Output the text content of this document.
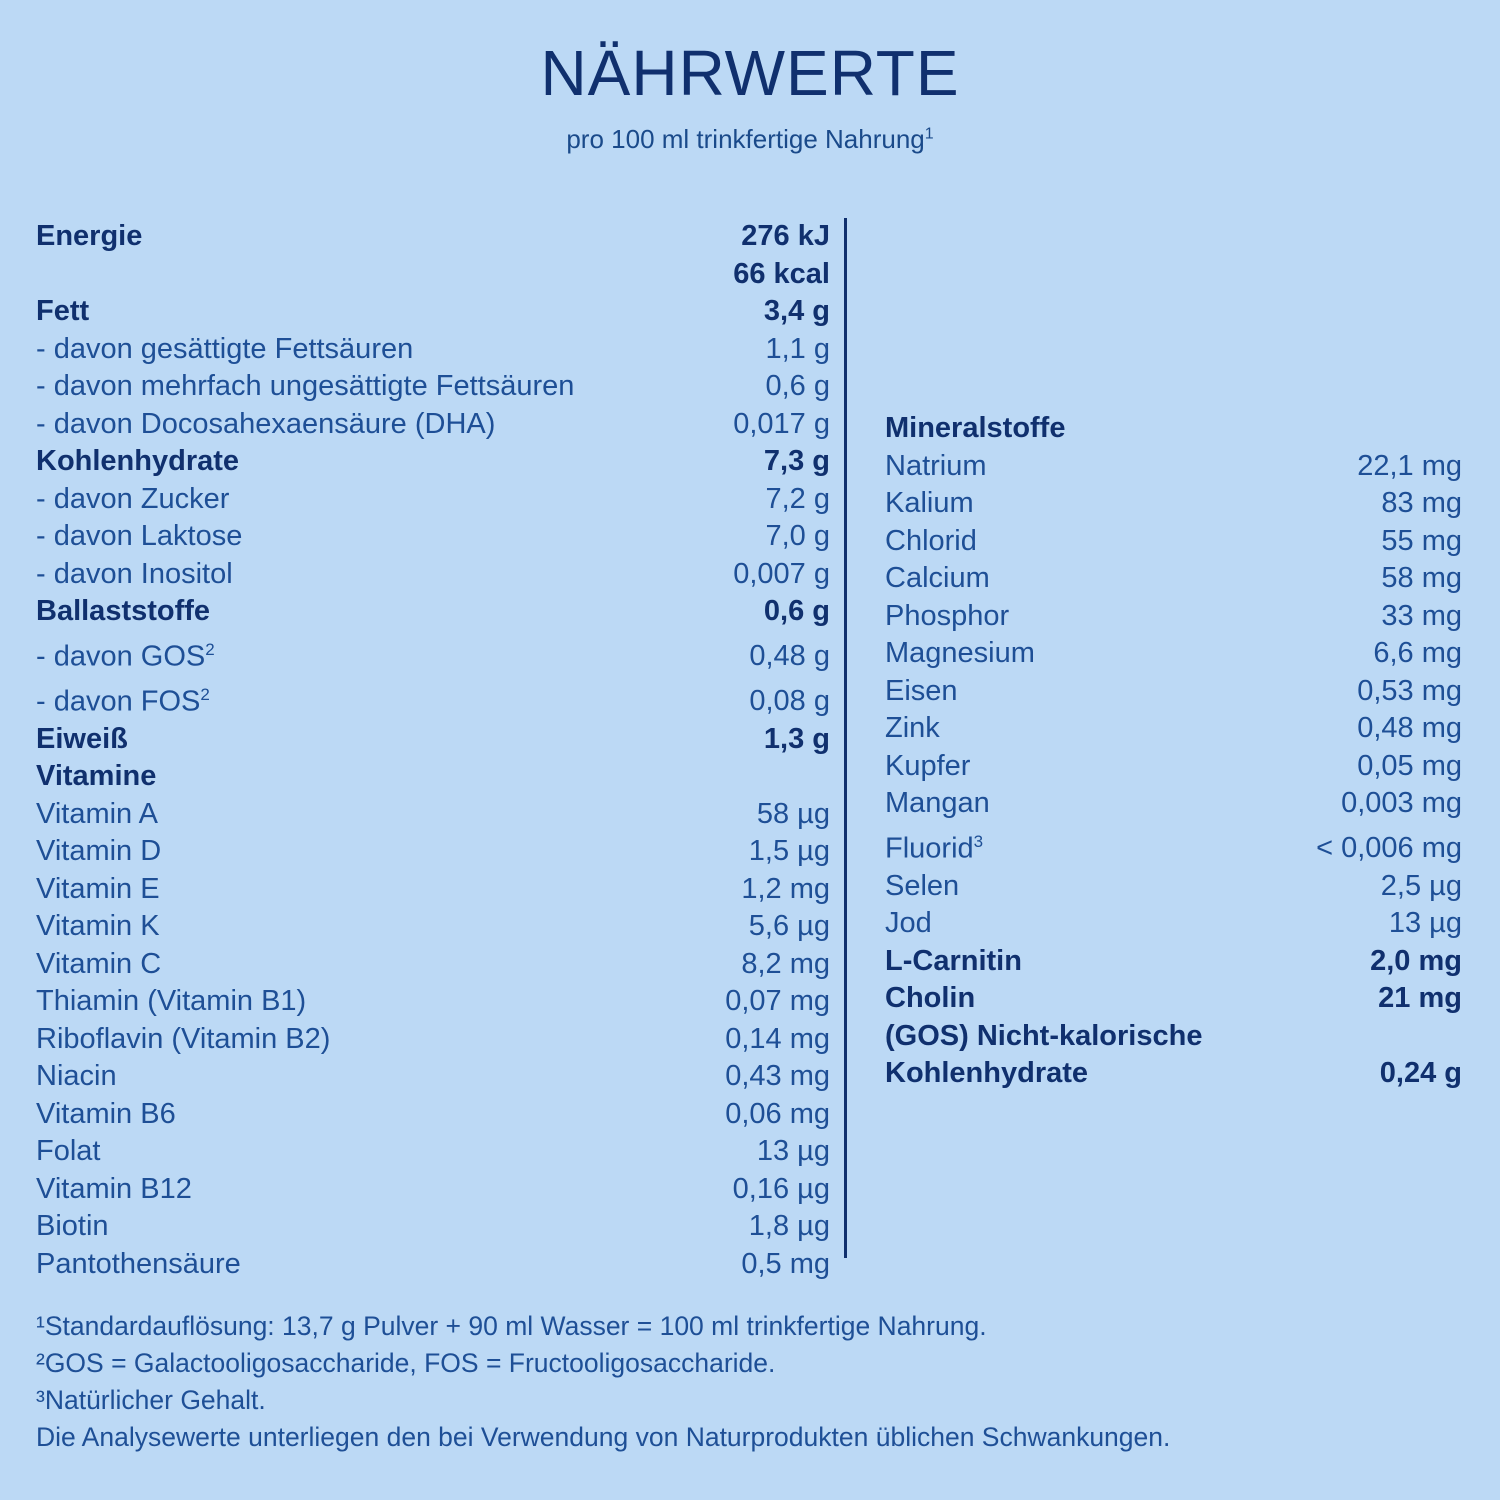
NÄHRWERTE

pro 100 ml trinkfertige Nahrung$^1$

Energie	276 kJ
66 kcal
Fett	3,4 g
- davon gesättigte Fettsäuren	1,1 g
- davon mehrfach ungesättigte Fettsäuren	0,6 g
- davon Docosahexaensäure (DHA)	0,017 g
Kohlenhydrate	7,3 g
- davon Zucker	7,2 g
- davon Laktose	7,0 g
- davon Inositol	0,007 g
Ballaststoffe	0,6 g
- davon GOS$^2$	0,48 g
- davon FOS$^2$	0,08 g
Eiweiß	1,3 g
Vitamine
Vitamin A	58 µg
Vitamin D	1,5 µg
Vitamin E	1,2 mg
Vitamin K	5,6 µg
Vitamin C	8,2 mg
Thiamin (Vitamin B1)	0,07 mg
Riboflavin (Vitamin B2)	0,14 mg
Niacin	0,43 mg
Vitamin B6	0,06 mg
Folat	13 µg
Vitamin B12	0,16 µg
Biotin	1,8 µg
Pantothensäure	0,5 mg
Mineralstoffe
Natrium	22,1 mg
Kalium	83 mg
Chlorid	55 mg
Calcium	58 mg
Phosphor	33 mg
Magnesium	6,6 mg
Eisen	0,53 mg
Zink	0,48 mg
Kupfer	0,05 mg
Mangan	0,003 mg
Fluorid$^3$	< 0,006 mg
Selen	2,5 µg
Jod	13 µg
L-Carnitin	2,0 mg
Cholin	21 mg
(GOS) Nicht-kalorische
Kohlenhydrate	0,24 g
¹Standardauflösung: 13,7 g Pulver + 90 ml Wasser = 100 ml trinkfertige Nahrung.
²GOS = Galactooligosaccharide, FOS = Fructooligosaccharide.
³Natürlicher Gehalt.
Die Analysewerte unterliegen den bei Verwendung von Naturprodukten üblichen Schwankungen.
